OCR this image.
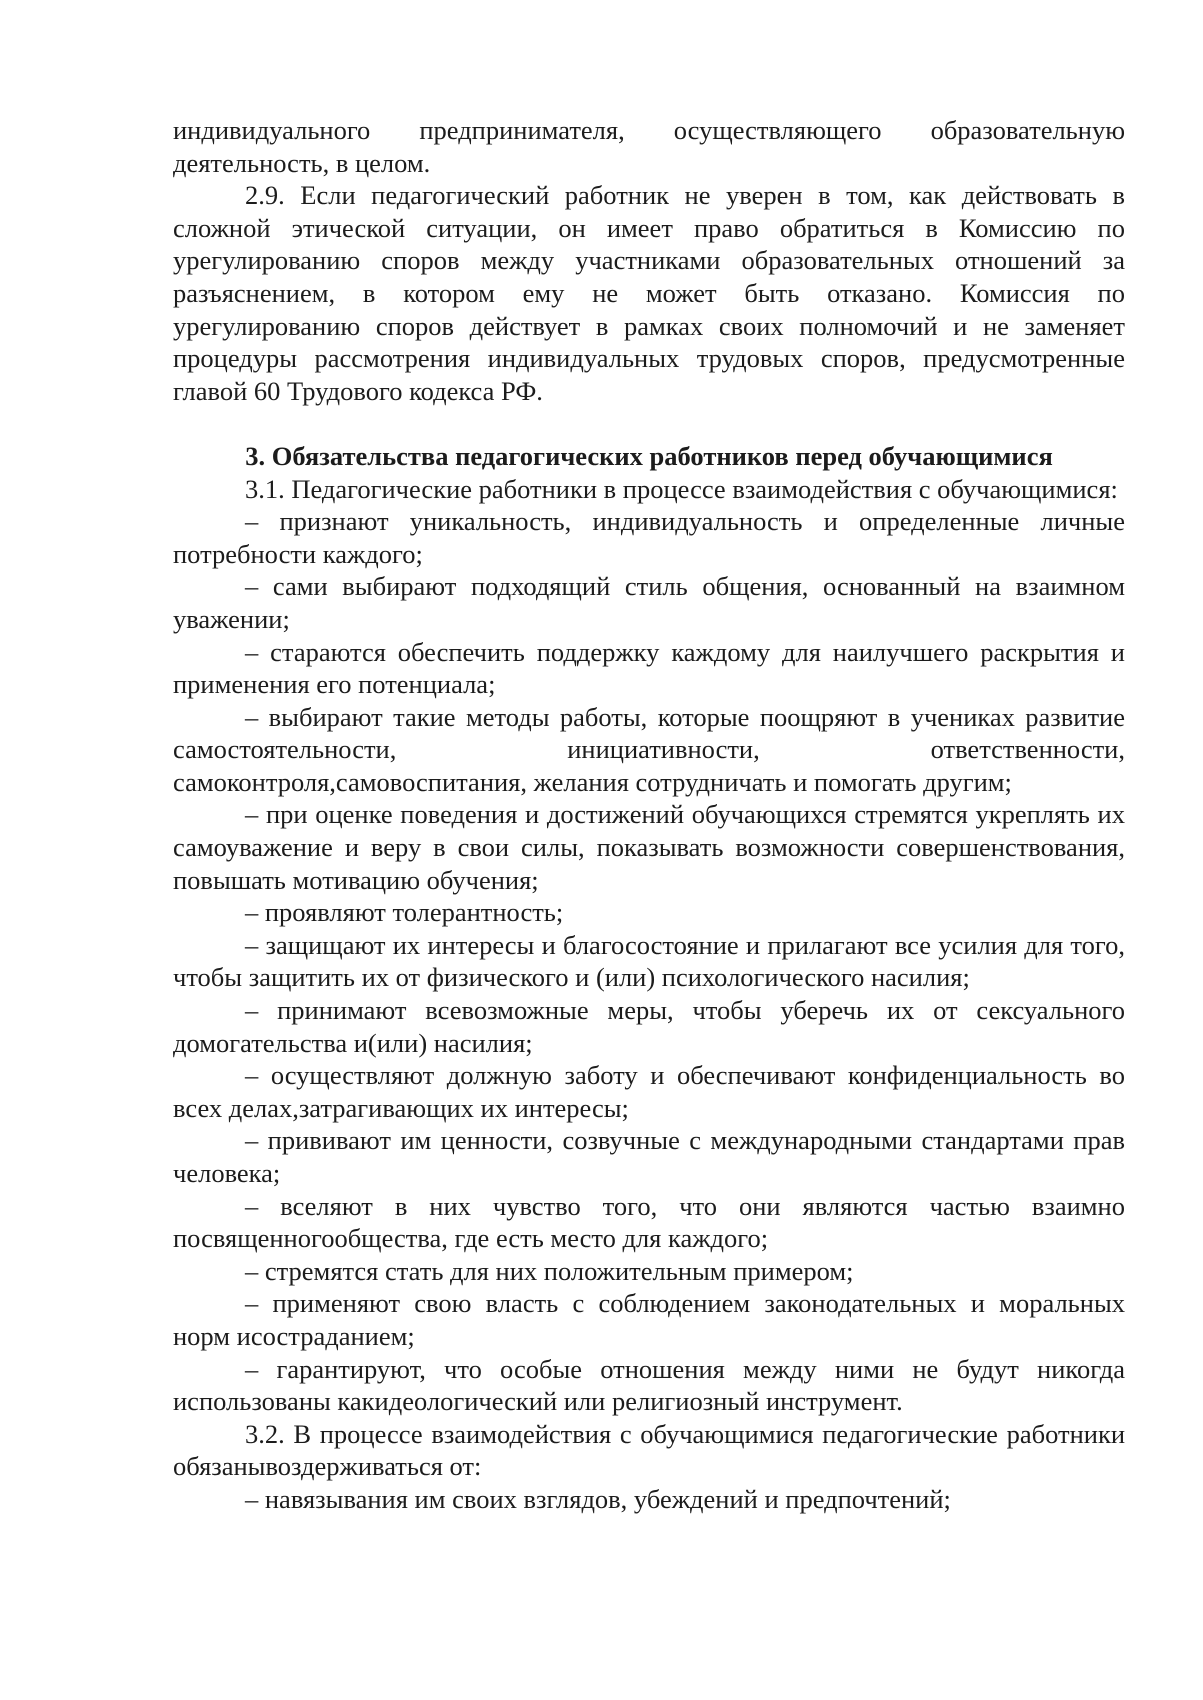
индивидуального предпринимателя, осуществляющего образовательную деятельность, в целом.

2.9. Если педагогический работник не уверен в том, как действовать в сложной этической ситуации, он имеет право обратиться в Комиссию по урегулированию споров между участниками образовательных отношений за разъяснением, в котором ему не может быть отказано. Комиссия по урегулированию споров действует в рамках своих полномочий и не заменяет процедуры рассмотрения индивидуальных трудовых споров, предусмотренные главой 60 Трудового кодекса РФ.

3. Обязательства педагогических работников перед обучающимися

3.1. Педагогические работники в процессе взаимодействия с обучающимися:

– признают уникальность, индивидуальность и определенные личные потребности каждого;

– сами выбирают подходящий стиль общения, основанный на взаимном уважении;

– стараются обеспечить поддержку каждому для наилучшего раскрытия и применения его потенциала;

– выбирают такие методы работы, которые поощряют в учениках развитие самостоятельности, инициативности, ответственности, самоконтроля,самовоспитания, желания сотрудничать и помогать другим;

– при оценке поведения и достижений обучающихся стремятся укреплять их самоуважение и веру в свои силы, показывать возможности совершенствования, повышать мотивацию обучения;

– проявляют толерантность;

– защищают их интересы и благосостояние и прилагают все усилия для того, чтобы защитить их от физического и (или) психологического насилия;

– принимают всевозможные меры, чтобы уберечь их от сексуального домогательства и(или) насилия;

– осуществляют должную заботу и обеспечивают конфиденциальность во всех делах,затрагивающих их интересы;

– прививают им ценности, созвучные с международными стандартами прав человека;

– вселяют в них чувство того, что они являются частью взаимно посвященногообщества, где есть место для каждого;

– стремятся стать для них положительным примером;

– применяют свою власть с соблюдением законодательных и моральных норм исостраданием;

– гарантируют, что особые отношения между ними не будут никогда использованы какидеологический или религиозный инструмент.

3.2. В процессе взаимодействия с обучающимися педагогические работники обязанывоздерживаться от:

– навязывания им своих взглядов, убеждений и предпочтений;
